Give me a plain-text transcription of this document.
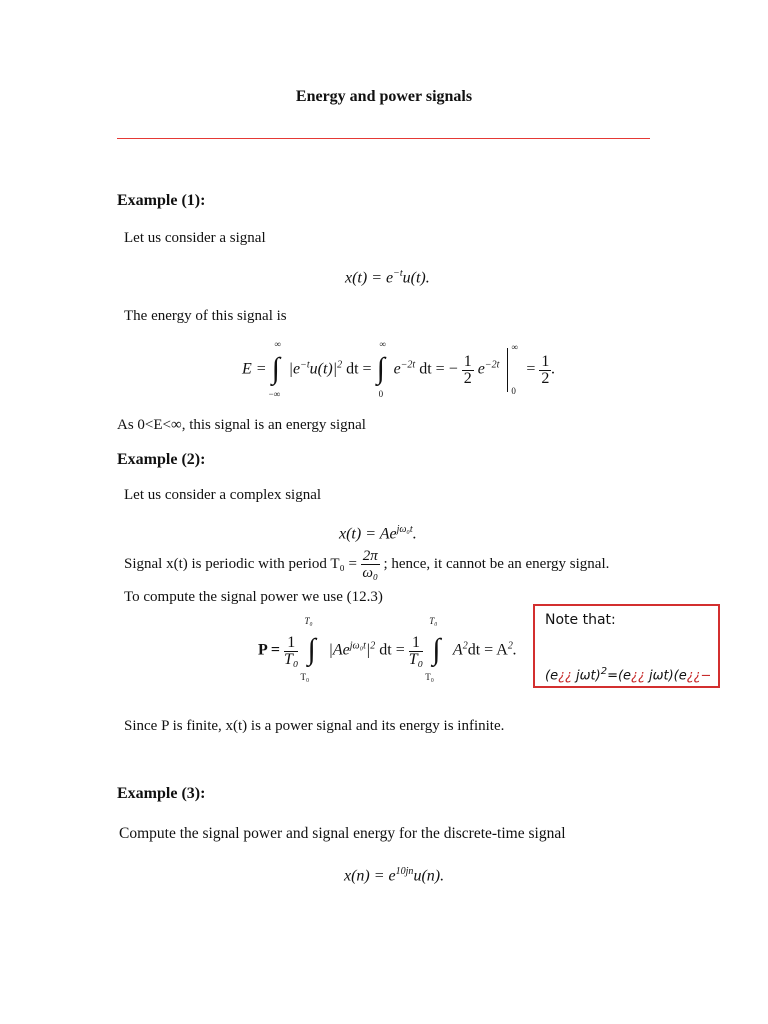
Energy and power signals
Example (1):
Let us consider a signal
$x(t) = e^{-t}u(t)$.
The energy of this signal is
E = ∫
∞
−∞
$|e^{-t}u(t)|^2$ dt = ∫
∞
0
$e^{-2t}$ dt = − $\frac{1}{2} e^{-2t}$
∞
0
= $\frac{1}{2}$ .
As 0<E<∞, this signal is an energy signal
Example (2):
Let us consider a complex signal
$x(t) = Ae^{j\omega_0t}$.
Signal x(t) is periodic with period $T_0 = \frac{2\pi}{\text{ω₀}}$ ; hence, it cannot be an energy signal.
To compute the signal power we use (12.3)
$P = \frac{1}{\text{T₀}}$
∫
T₀
T₀
$|Ae^{j\omega_0t}|^2$ dt = $\frac{1}{\text{T₀}}$
∫
T₀
T₀
$A^2dt = A^2$.
Note that:
(e¿¿ jωt)$^2$=(e¿¿ jωt)(e¿¿−
Since P is finite, x(t) is a power signal and its energy is infinite.
Example (3):
Compute the signal power and signal energy for the discrete-time signal
$x(n) = e^{10jn}u(n)$.
